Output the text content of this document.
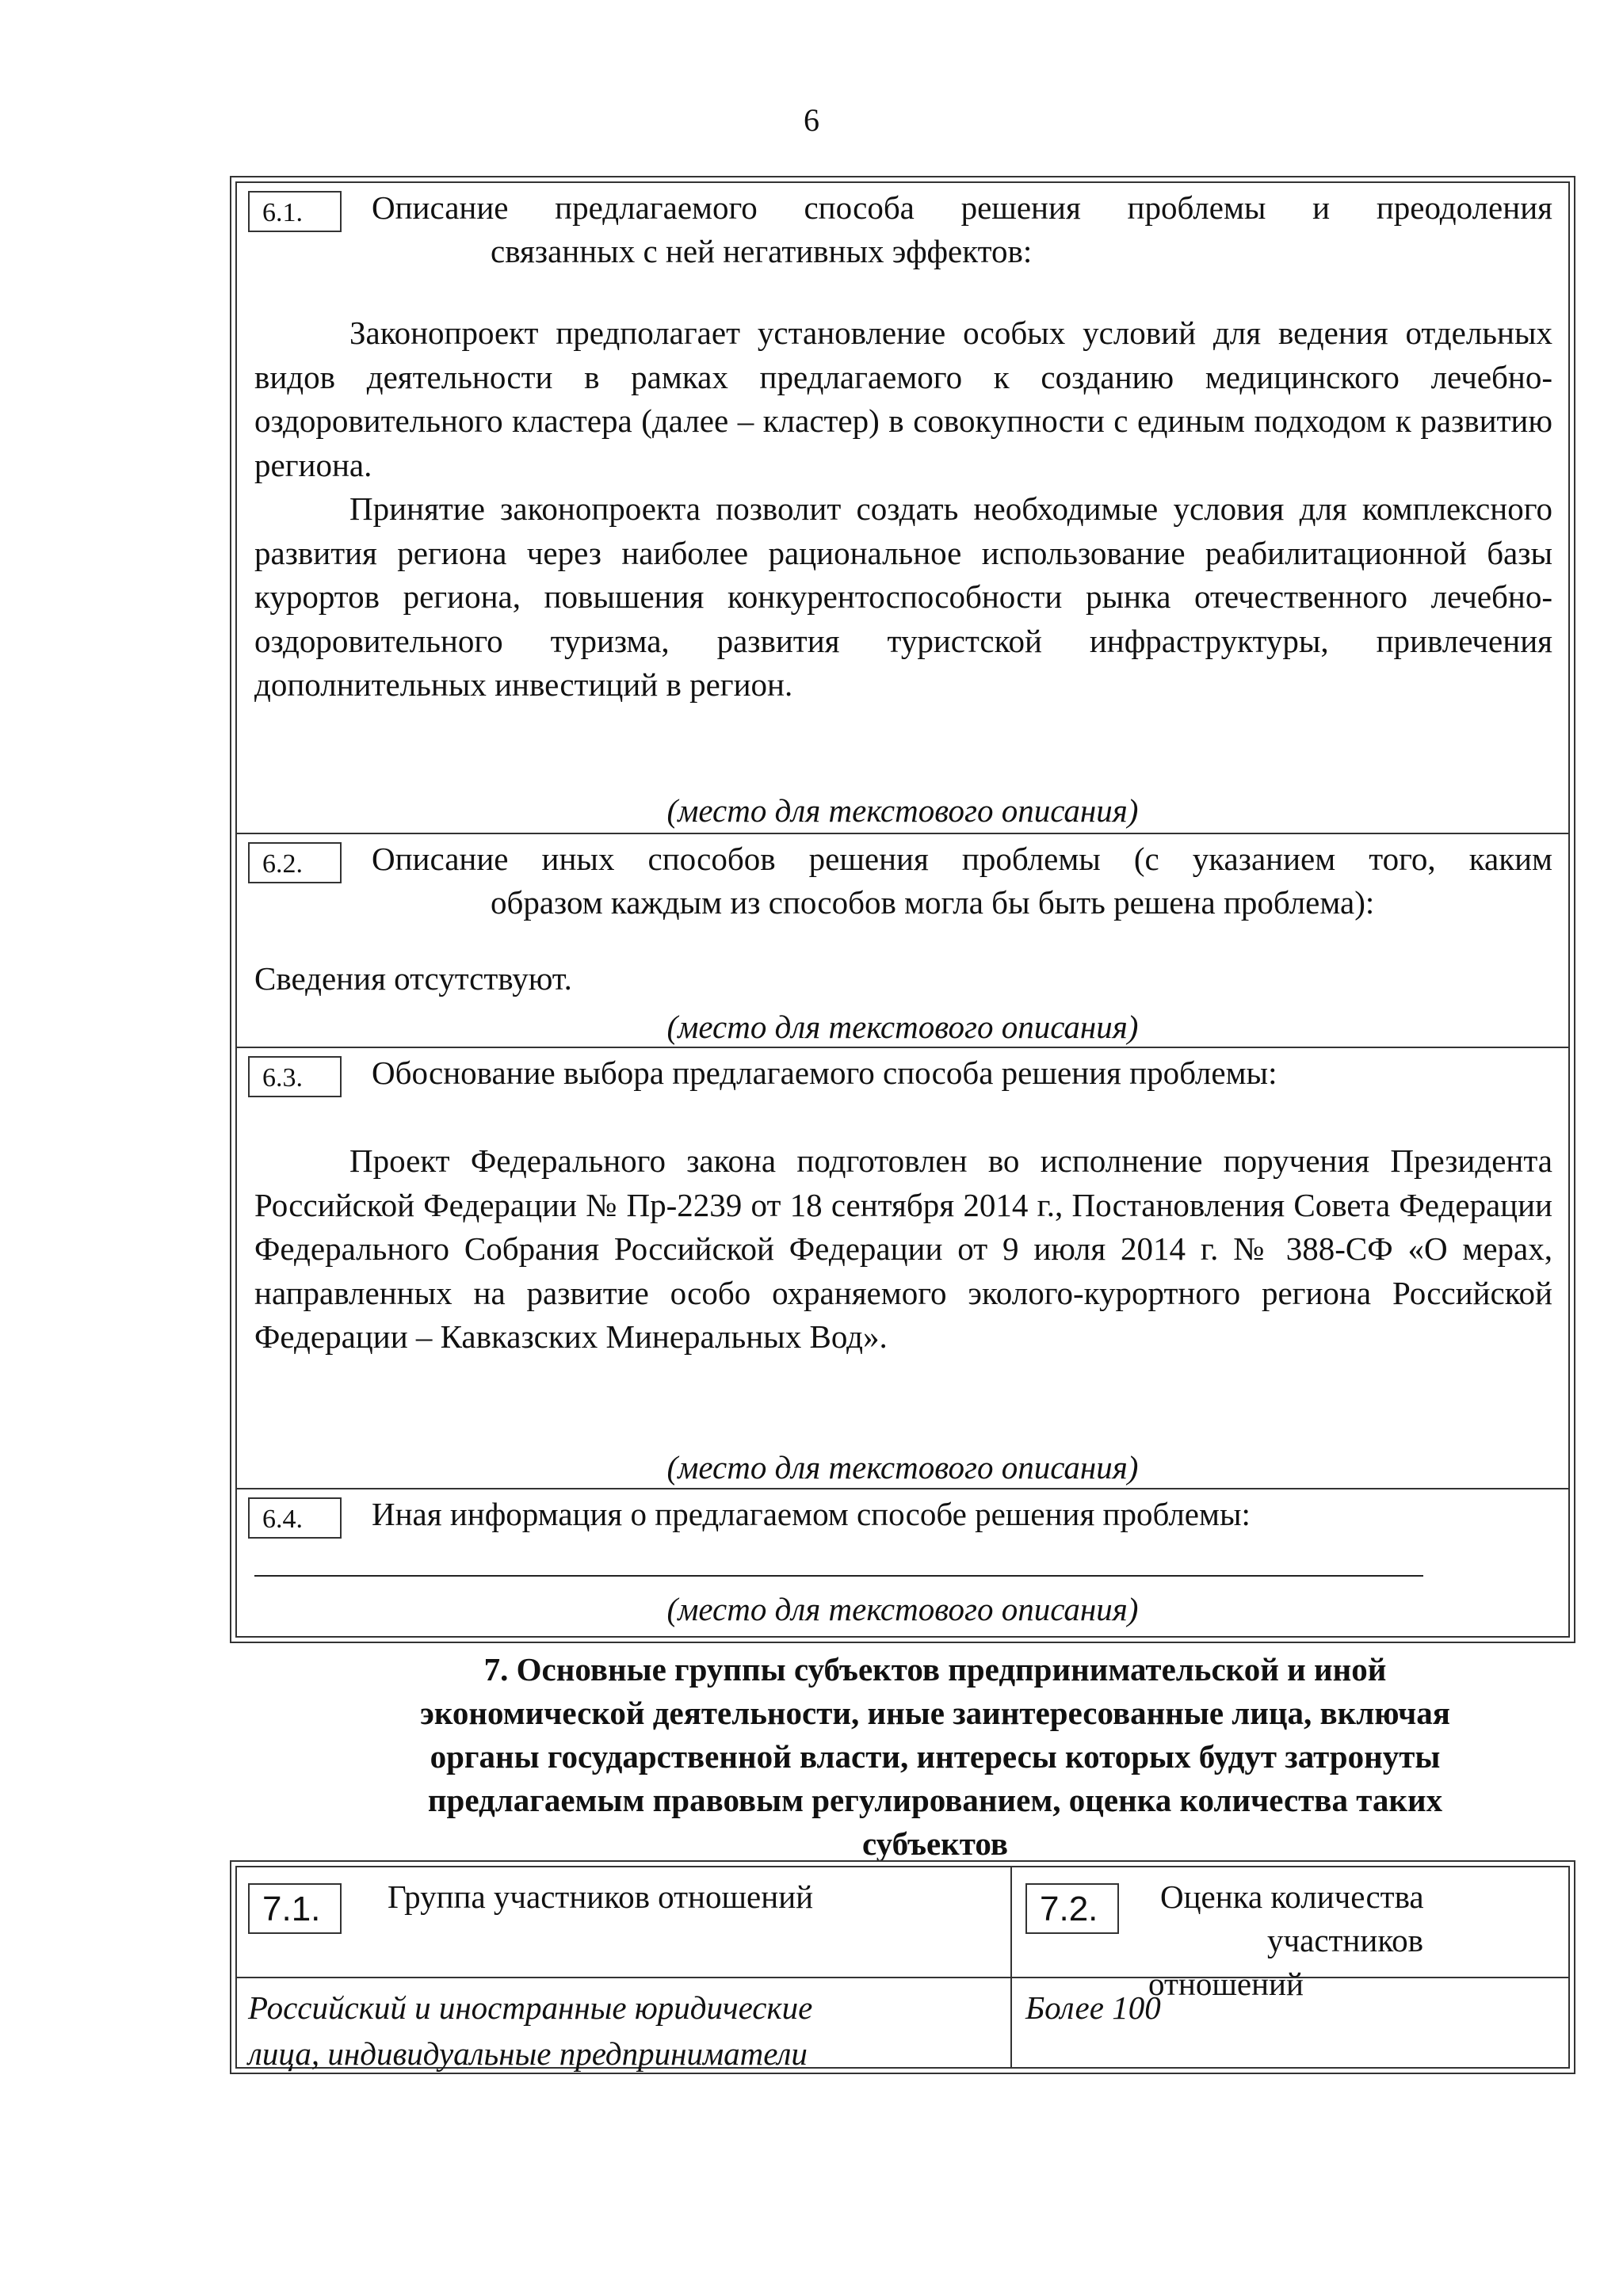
6
6.1.	Описание предлагаемого способа решения проблемы и преодоления
связанных с ней негативных эффектов:

Законопроект предполагает установление особых условий для ведения отдельных видов деятельности в рамках предлагаемого к созданию медицинского лечебно-оздоровительного кластера (далее – кластер) в совокупности с единым подходом к развитию региона.

Принятие законопроекта позволит создать необходимые условия для комплексного развития региона через наиболее рациональное использование реабилитационной базы курортов региона, повышения конкурентоспособности рынка отечественного лечебно-оздоровительного туризма, развития туристской инфраструктуры, привлечения дополнительных инвестиций в регион.

(место для текстового описания)
6.2.	Описание иных способов решения проблемы (с указанием того, каким
образом каждым из способов могла бы быть решена проблема):
Сведения отсутствуют.
(место для текстового описания)
6.3.	Обоснование выбора предлагаемого способа решения проблемы:

Проект Федерального закона подготовлен во исполнение поручения Президента Российской Федерации № Пр-2239 от 18 сентября 2014 г., Постановления Совета Федерации Федерального Собрания Российской Федерации от 9 июля 2014 г. № 388-СФ «О мерах, направленных на развитие особо охраняемого эколого-курортного региона Российской Федерации – Кавказских Минеральных Вод».

(место для текстового описания)
6.4.	Иная информация о предлагаемом способе решения проблемы:
(место для текстового описания)
7. Основные группы субъектов предпринимательской и иной
экономической деятельности, иные заинтересованные лица, включая
органы государственной власти, интересы которых будут затронуты
предлагаемым правовым регулированием, оценка количества таких
субъектов
7.1.	Группа участников отношений	7.2.	Оценка количества
участников
отношений
Российский и иностранные юридические
лица, индивидуальные предприниматели
Более 100
